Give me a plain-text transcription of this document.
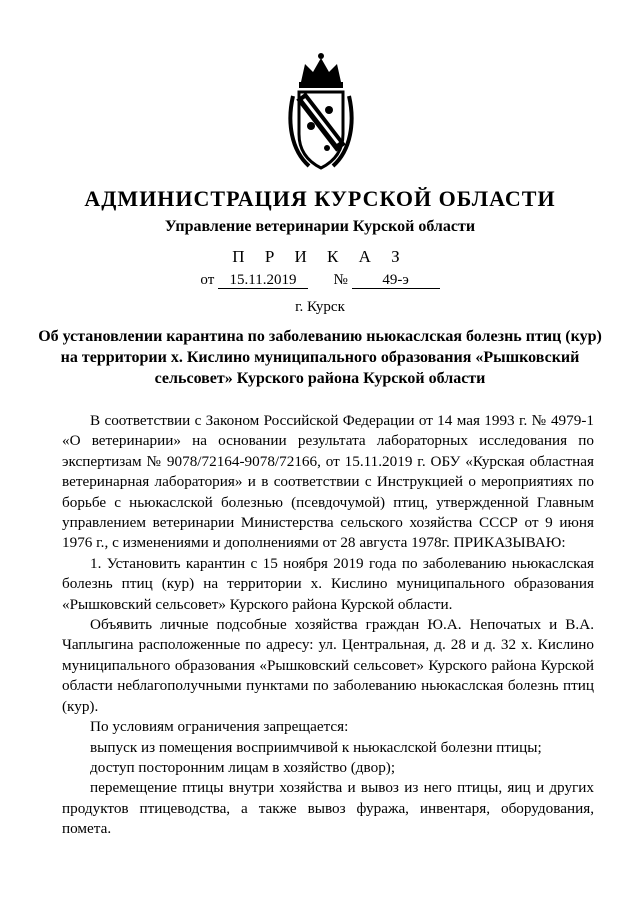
АДМИНИСТРАЦИЯ КУРСКОЙ ОБЛАСТИ
Управление ветеринарии Курской области
П Р И К А З
от 15.11.2019 № 49-э
г. Курск
Об установлении карантина по заболеванию ньюкаслская болезнь птиц (кур)
на территории х. Кислино муниципального образования «Рышковский
сельсовет» Курского района Курской области

В соответствии с Законом Российской Федерации от 14 мая 1993 г. № 4979-1 «О ветеринарии» на основании результата лабораторных исследования по экспертизам № 9078/72164-9078/72166, от 15.11.2019 г. ОБУ «Курская областная ветеринарная лаборатория» и в соответствии с Инструкцией о мероприятиях по борьбе с ньюкаслской болезнью (псевдочумой) птиц, утвержденной Главным управлением ветеринарии Министерства сельского хозяйства СССР от 9 июня 1976 г., с изменениями и дополнениями от 28 августа 1978г. ПРИКАЗЫВАЮ:

1. Установить карантин с 15 ноября 2019 года по заболеванию ньюкаслская болезнь птиц (кур) на территории х. Кислино муниципального образования «Рышковский сельсовет» Курского района Курской области.

Объявить личные подсобные хозяйства граждан Ю.А. Непочатых и В.А. Чаплыгина расположенные по адресу: ул. Центральная, д. 28 и д. 32 х. Кислино муниципального образования «Рышковский сельсовет» Курского района Курской области неблагополучными пунктами по заболеванию ньюкаслская болезнь птиц (кур).

По условиям ограничения запрещается:

выпуск из помещения восприимчивой к ньюкаслской болезни птицы;

доступ посторонним лицам в хозяйство (двор);

перемещение птицы внутри хозяйства и вывоз из него птицы, яиц и других продуктов птицеводства, а также вывоз фуража, инвентаря, оборудования, помета.
